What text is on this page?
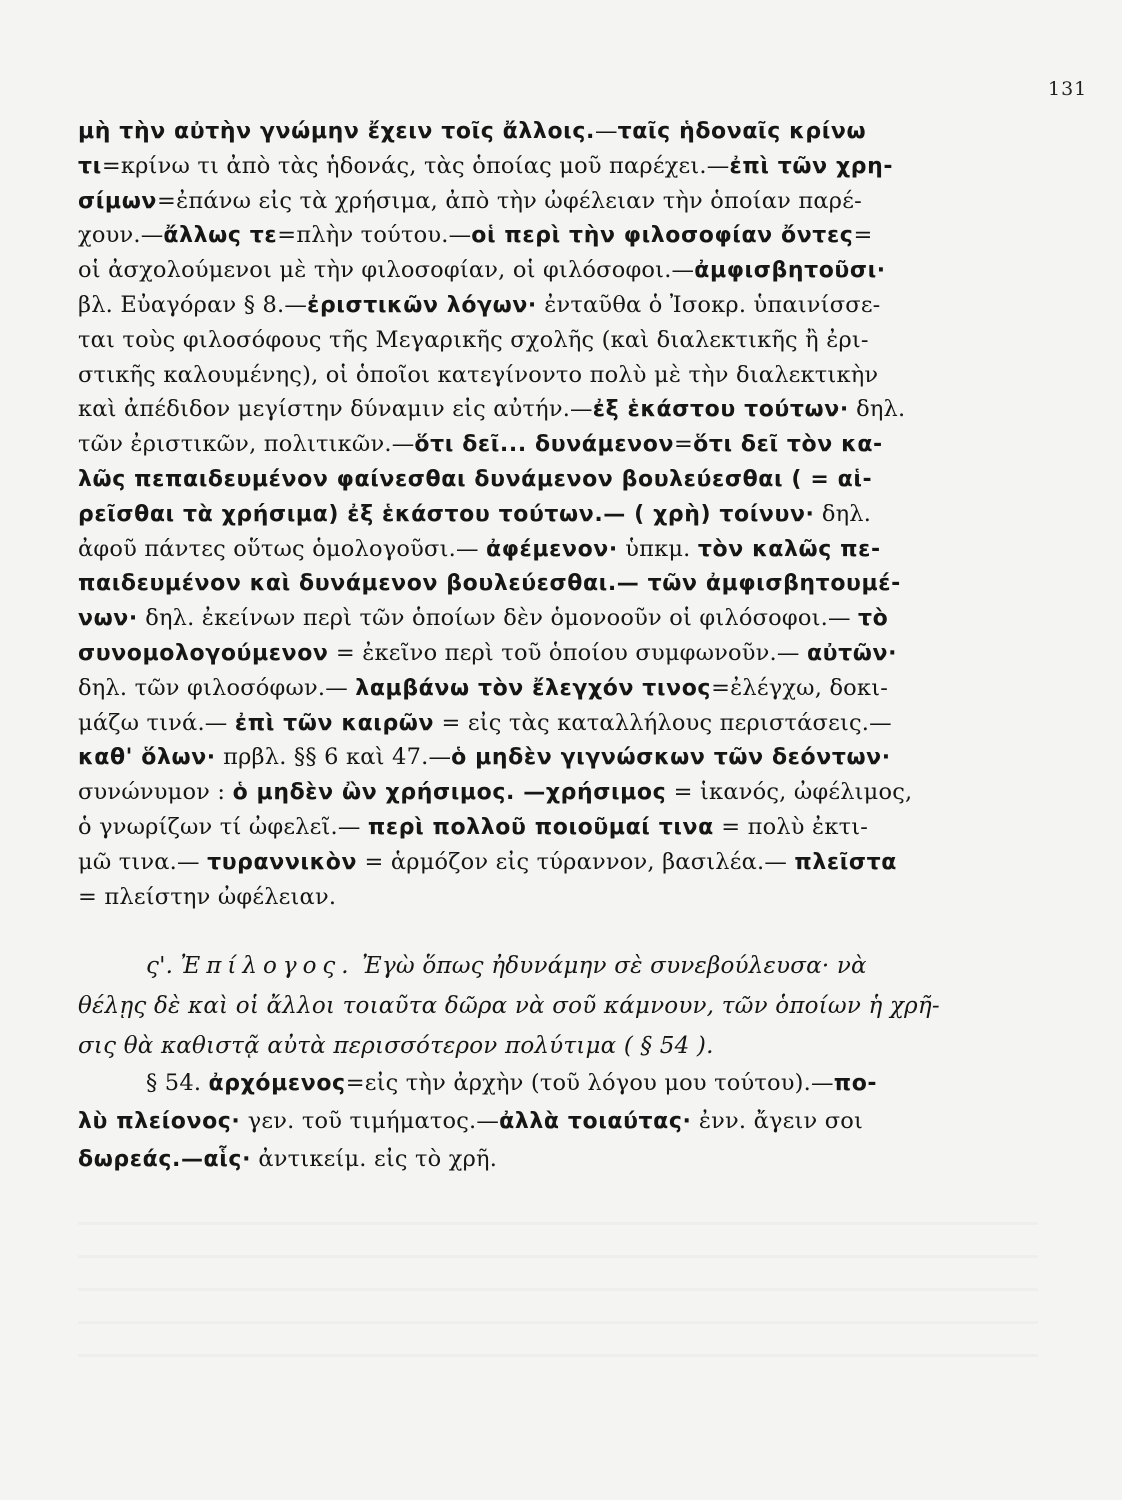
131
μὴ τὴν αὐτὴν γνώμην ἔχειν τοῖς ἄλλοις.—ταῖς ἡδοναῖς κρίνω
τι=κρίνω τι ἀπὸ τὰς ἡδονάς, τὰς ὁποίας μοῦ παρέχει.—ἐπὶ τῶν χρη-
σίμων=ἐπάνω εἰς τὰ χρήσιμα, ἀπὸ τὴν ὠφέλειαν τὴν ὁποίαν παρέ-
χουν.—ἄλλως τε=πλὴν τούτου.—οἱ περὶ τὴν φιλοσοφίαν ὄντες=
οἱ ἀσχολούμενοι μὲ τὴν φιλοσοφίαν, οἱ φιλόσοφοι.—ἀμφισβητοῦσι·
βλ. Εὐαγόραν § 8.—ἐριστικῶν λόγων· ἐνταῦθα ὁ Ἰσοκρ. ὑπαινίσσε-
ται τοὺς φιλοσόφους τῆς Μεγαρικῆς σχολῆς (καὶ διαλεκτικῆς ἢ ἐρι-
στικῆς καλουμένης), οἱ ὁποῖοι κατεγίνοντο πολὺ μὲ τὴν διαλεκτικὴν
καὶ ἀπέδιδον μεγίστην δύναμιν εἰς αὐτήν.—ἐξ ἑκάστου τούτων· δηλ.
τῶν ἐριστικῶν, πολιτικῶν.—ὅτι δεῖ... δυνάμενον=ὅτι δεῖ τὸν κα-
λῶς πεπαιδευμένον φαίνεσθαι δυνάμενον βουλεύεσθαι ( = αἱ-
ρεῖσθαι τὰ χρήσιμα) ἐξ ἑκάστου τούτων.— ( χρὴ) τοίνυν· δηλ.
ἀφοῦ πάντες οὕτως ὁμολογοῦσι.— ἀφέμενον· ὑπκμ. τὸν καλῶς πε-
παιδευμένον καὶ δυνάμενον βουλεύεσθαι.— τῶν ἀμφισβητουμέ-
νων· δηλ. ἐκείνων περὶ τῶν ὁποίων δὲν ὁμονοοῦν οἱ φιλόσοφοι.— τὸ
συνομολογούμενον = ἐκεῖνο περὶ τοῦ ὁποίου συμφωνοῦν.— αὐτῶν·
δηλ. τῶν φιλοσόφων.— λαμβάνω τὸν ἔλεγχόν τινος=ἐλέγχω, δοκι-
μάζω τινά.— ἐπὶ τῶν καιρῶν = εἰς τὰς καταλλήλους περιστάσεις.—
καθ' ὅλων· πρβλ. §§ 6 καὶ 47.—ὁ μηδὲν γιγνώσκων τῶν δεόντων·
συνώνυμον : ὁ μηδὲν ὢν χρήσιμος. —χρήσιμος = ἱκανός, ὠφέλιμος,
ὁ γνωρίζων τί ὠφελεῖ.— περὶ πολλοῦ ποιοῦμαί τινα = πολὺ ἐκτι-
μῶ τινα.— τυραννικὸν = ἁρμόζον εἰς τύραννον, βασιλέα.— πλεῖστα
= πλείστην ὠφέλειαν.
ς'. Ἐπίλογος. Ἐγὼ ὅπως ἠδυνάμην σὲ συνεβούλευσα· νὰ
θέλῃς δὲ καὶ οἱ ἄλλοι τοιαῦτα δῶρα νὰ σοῦ κάμνουν, τῶν ὁποίων ἡ χρῆ-
σις θὰ καθιστᾷ αὐτὰ περισσότερον πολύτιμα ( § 54 ).
§ 54. ἀρχόμενος=εἰς τὴν ἀρχὴν (τοῦ λόγου μου τούτου).—πο-
λὺ πλείονος· γεν. τοῦ τιμήματος.—ἀλλὰ τοιαύτας· ἐνν. ἄγειν σοι
δωρεάς.—αἷς· ἀντικείμ. εἰς τὸ χρῆ.
